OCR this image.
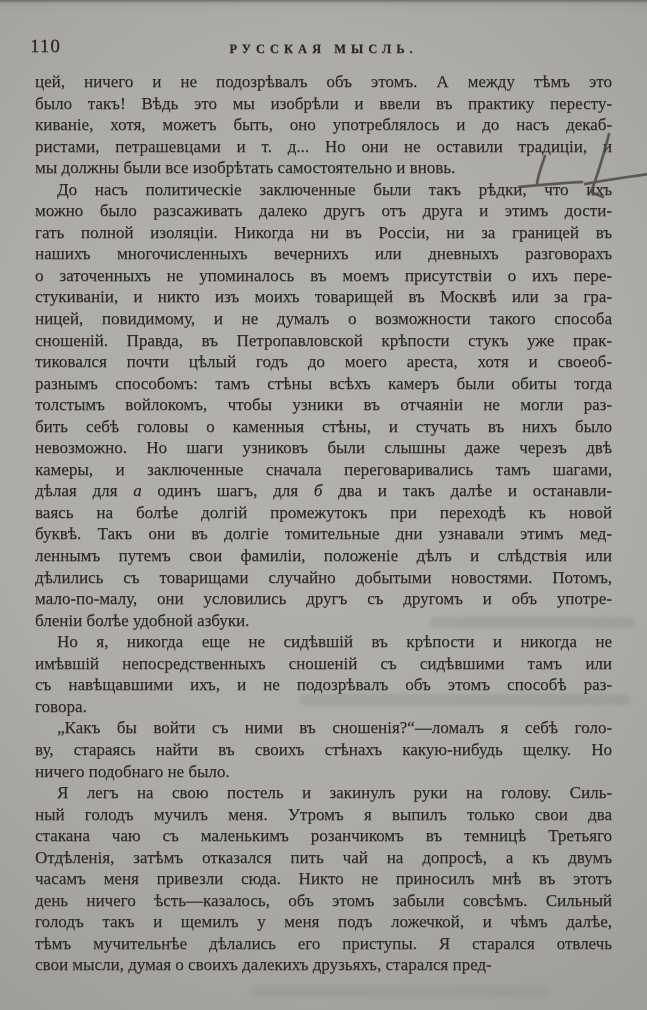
110	РУССКАЯ МЫСЛЬ.
цей, ничего и не подозрѣвалъ объ этомъ. А между тѣмъ это
было такъ! Вѣдь это мы изобрѣли и ввели въ практику пересту-
киваніе, хотя, можетъ быть, оно употреблялось и до насъ декаб-
ристами, петрашевцами и т. д... Но они не оставили традиціи, и
мы должны были все изобрѣтать самостоятельно и вновь.
До насъ политическіе заключенные были такъ рѣдки, что ихъ
можно было разсаживать далеко другъ отъ друга и этимъ дости-
гать полной изоляціи. Никогда ни въ Россіи, ни за границей въ
нашихъ многочисленныхъ вечернихъ или дневныхъ разговорахъ
о заточенныхъ не упоминалось въ моемъ присутствіи о ихъ пере-
стукиваніи, и никто изъ моихъ товарищей въ Москвѣ или за гра-
ницей, повидимому, и не думалъ о возможности такого способа
сношеній. Правда, въ Петропавловской крѣпости стукъ уже прак-
тиковался почти цѣлый годъ до моего ареста, хотя и своеоб-
разнымъ способомъ: тамъ стѣны всѣхъ камеръ были обиты тогда
толстымъ войлокомъ, чтобы узники въ отчаяніи не могли раз-
бить себѣ головы о каменныя стѣны, и стучать въ нихъ было
невозможно. Но шаги узниковъ были слышны даже черезъ двѣ
камеры, и заключенные сначала переговаривались тамъ шагами,
дѣлая для а одинъ шагъ, для б два и такъ далѣе и останавли-
ваясь на болѣе долгій промежутокъ при переходѣ къ новой
буквѣ. Такъ они въ долгіе томительные дни узнавали этимъ мед-
леннымъ путемъ свои фамиліи, положеніе дѣлъ и слѣдствія или
дѣлились съ товарищами случайно добытыми новостями. Потомъ,
мало-по-малу, они условились другъ съ другомъ и объ употре-
бленіи болѣе удобной азбуки.
Но я, никогда еще не сидѣвшій въ крѣпости и никогда не
имѣвшій непосредственныхъ сношеній съ сидѣвшими тамъ или
съ навѣщавшими ихъ, и не подозрѣвалъ объ этомъ способѣ раз-
говора.
„Какъ бы войти съ ними въ сношенія?“—ломалъ я себѣ голо-
ву, стараясь найти въ своихъ стѣнахъ какую-нибудь щелку. Но
ничего подобнаго не было.
Я легъ на свою постель и закинулъ руки на голову. Силь-
ный голодъ мучилъ меня. Утромъ я выпилъ только свои два
стакана чаю съ маленькимъ розанчикомъ въ темницѣ Третьяго
Отдѣленія, затѣмъ отказался пить чай на допросѣ, а къ двумъ
часамъ меня привезли сюда. Никто не приносилъ мнѣ въ этотъ
день ничего ѣсть—казалось, объ этомъ забыли совсѣмъ. Сильный
голодъ такъ и щемилъ у меня подъ ложечкой, и чѣмъ далѣе,
тѣмъ мучительнѣе дѣлались его приступы. Я старался отвлечь
свои мысли, думая о своихъ далекихъ друзьяхъ, старался пред-
